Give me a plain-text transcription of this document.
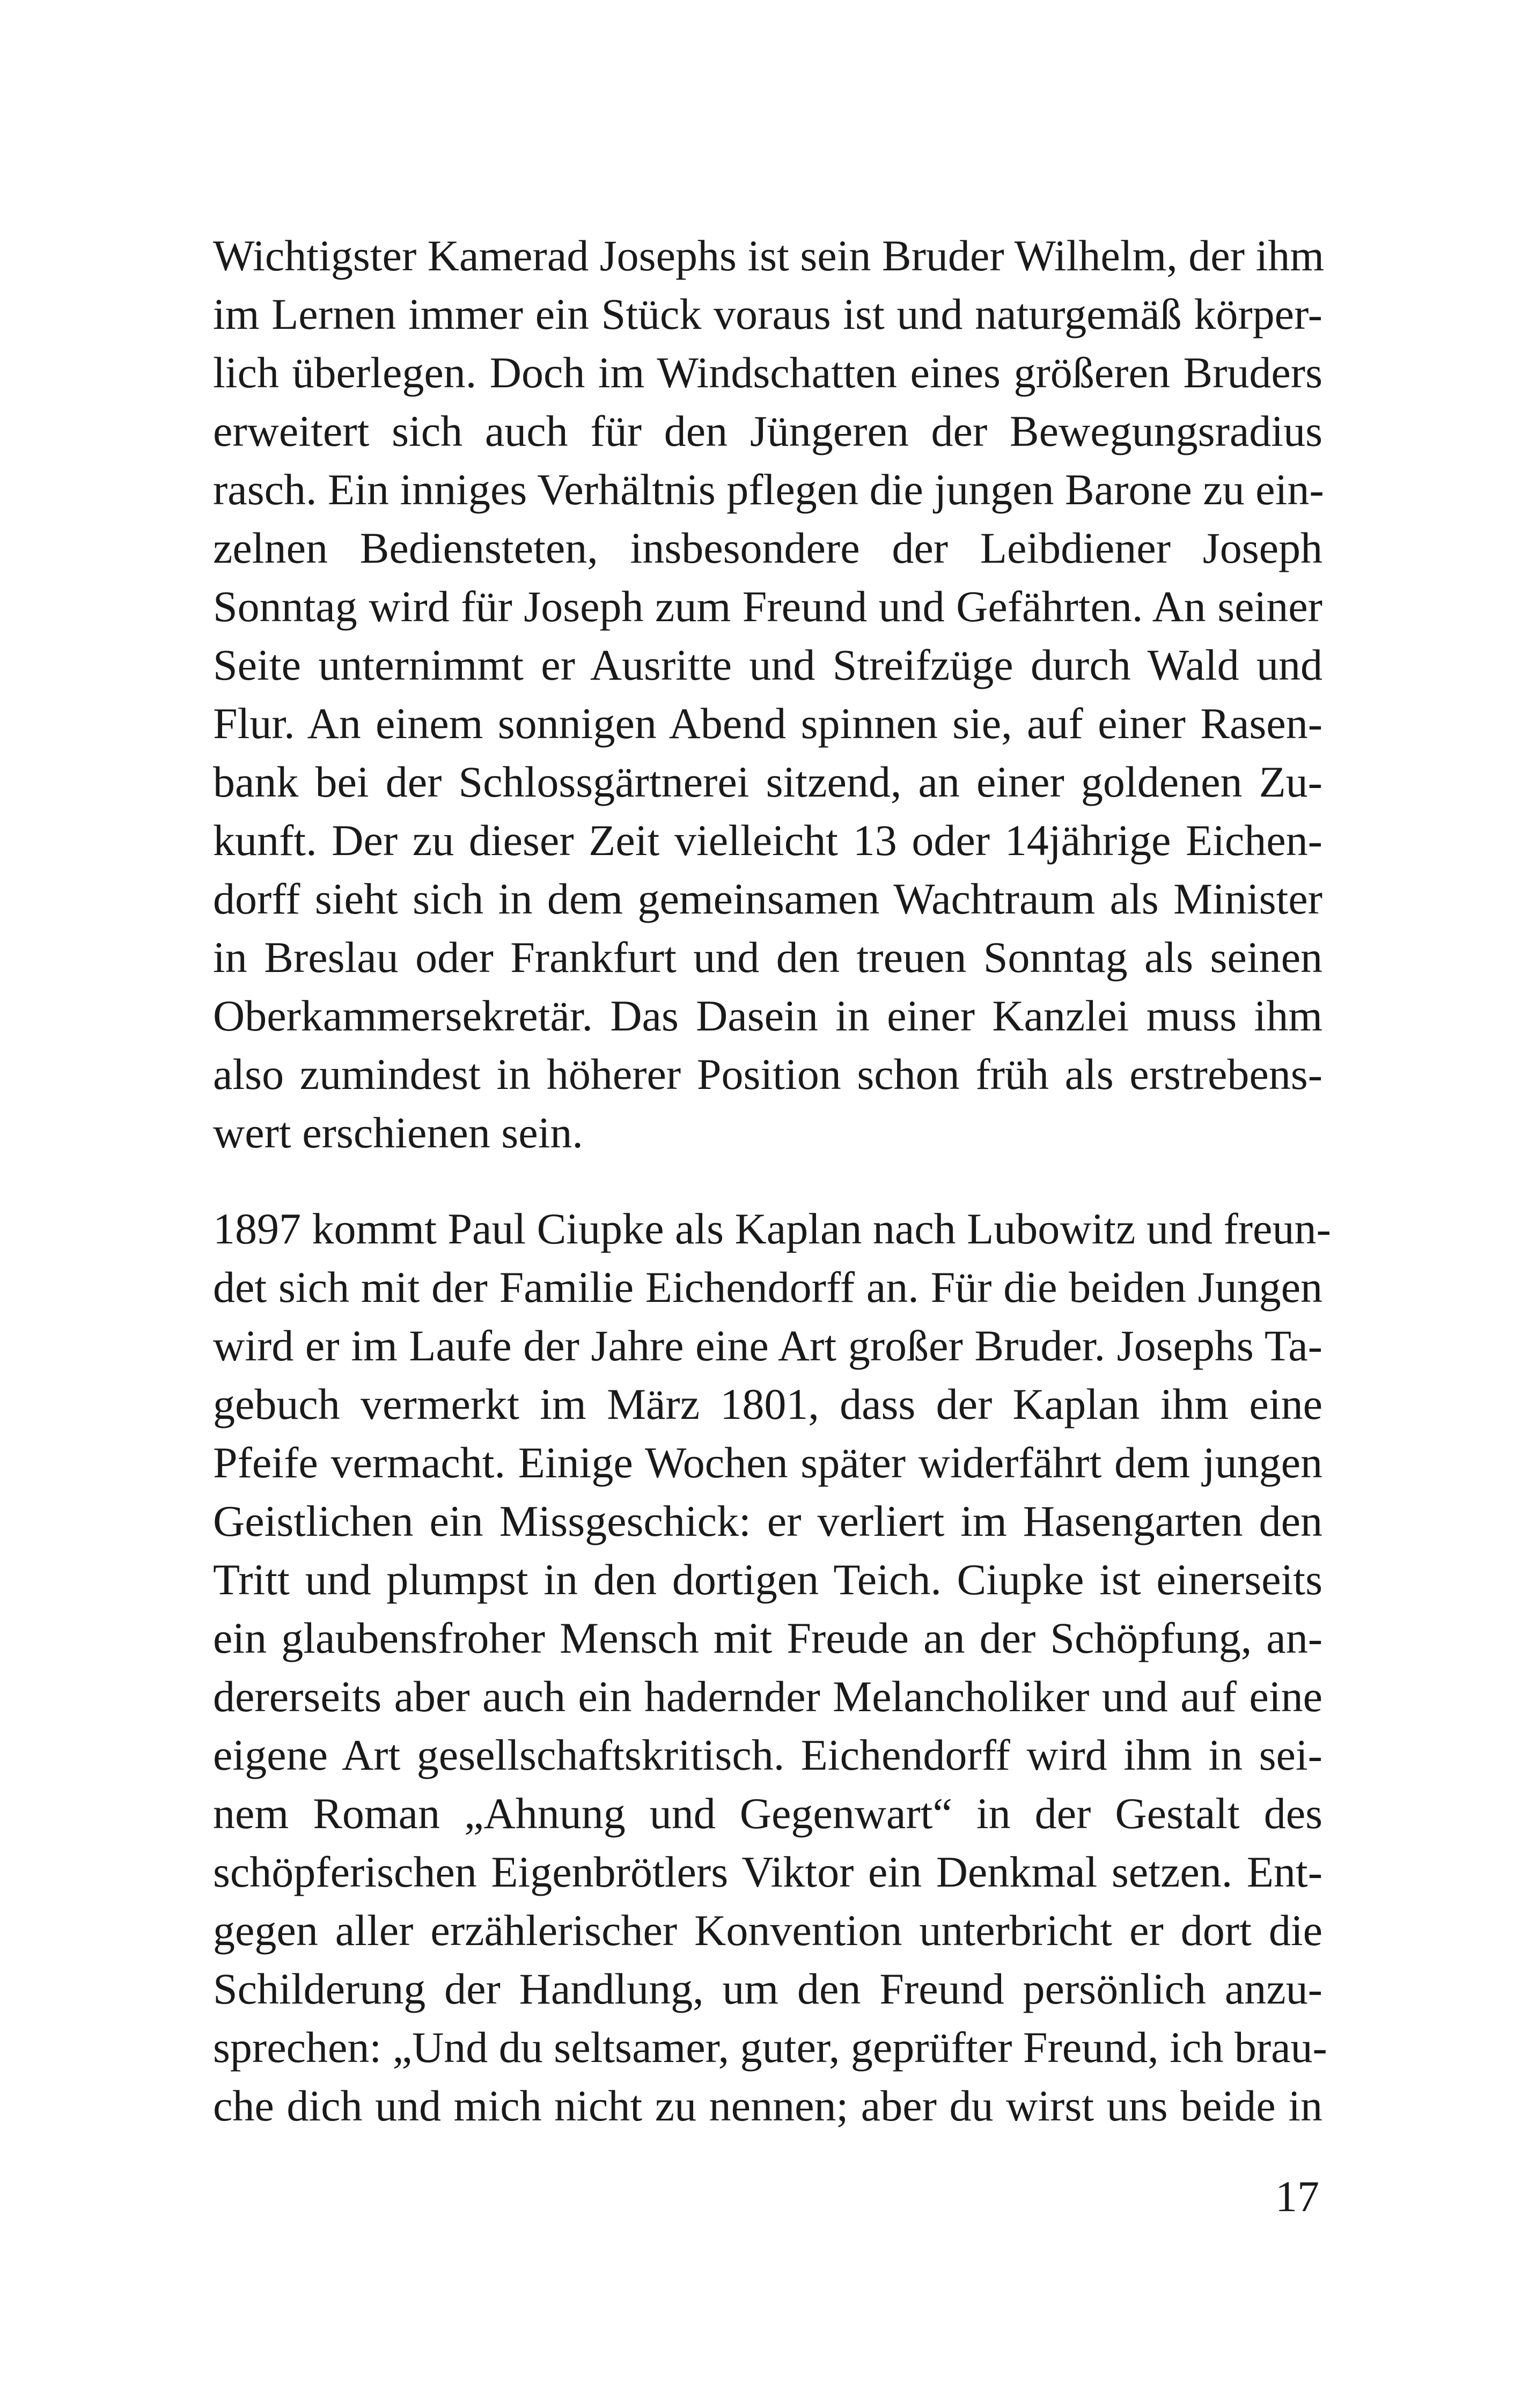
Wichtigster Kamerad Josephs ist sein Bruder Wilhelm, der ihm
im Lernen immer ein Stück voraus ist und naturgemäß körper-
lich überlegen. Doch im Windschatten eines größeren Bruders
erweitert sich auch für den Jüngeren der Bewegungsradius
rasch. Ein inniges Verhältnis pflegen die jungen Barone zu ein-
zelnen Bediensteten, insbesondere der Leibdiener Joseph
Sonntag wird für Joseph zum Freund und Gefährten. An seiner
Seite unternimmt er Ausritte und Streifzüge durch Wald und
Flur. An einem sonnigen Abend spinnen sie, auf einer Rasen-
bank bei der Schlossgärtnerei sitzend, an einer goldenen Zu-
kunft. Der zu dieser Zeit vielleicht 13 oder 14jährige Eichen-
dorff sieht sich in dem gemeinsamen Wachtraum als Minister
in Breslau oder Frankfurt und den treuen Sonntag als seinen
Oberkammersekretär. Das Dasein in einer Kanzlei muss ihm
also zumindest in höherer Position schon früh als erstrebens-
wert erschienen sein.
1897 kommt Paul Ciupke als Kaplan nach Lubowitz und freun-
det sich mit der Familie Eichendorff an. Für die beiden Jungen
wird er im Laufe der Jahre eine Art großer Bruder. Josephs Ta-
gebuch vermerkt im März 1801, dass der Kaplan ihm eine
Pfeife vermacht. Einige Wochen später widerfährt dem jungen
Geistlichen ein Missgeschick: er verliert im Hasengarten den
Tritt und plumpst in den dortigen Teich. Ciupke ist einerseits
ein glaubensfroher Mensch mit Freude an der Schöpfung, an-
dererseits aber auch ein hadernder Melancholiker und auf eine
eigene Art gesellschaftskritisch. Eichendorff wird ihm in sei-
nem Roman „Ahnung und Gegenwart“ in der Gestalt des
schöpferischen Eigenbrötlers Viktor ein Denkmal setzen. Ent-
gegen aller erzählerischer Konvention unterbricht er dort die
Schilderung der Handlung, um den Freund persönlich anzu-
sprechen: „Und du seltsamer, guter, geprüfter Freund, ich brau-
che dich und mich nicht zu nennen; aber du wirst uns beide in
17
